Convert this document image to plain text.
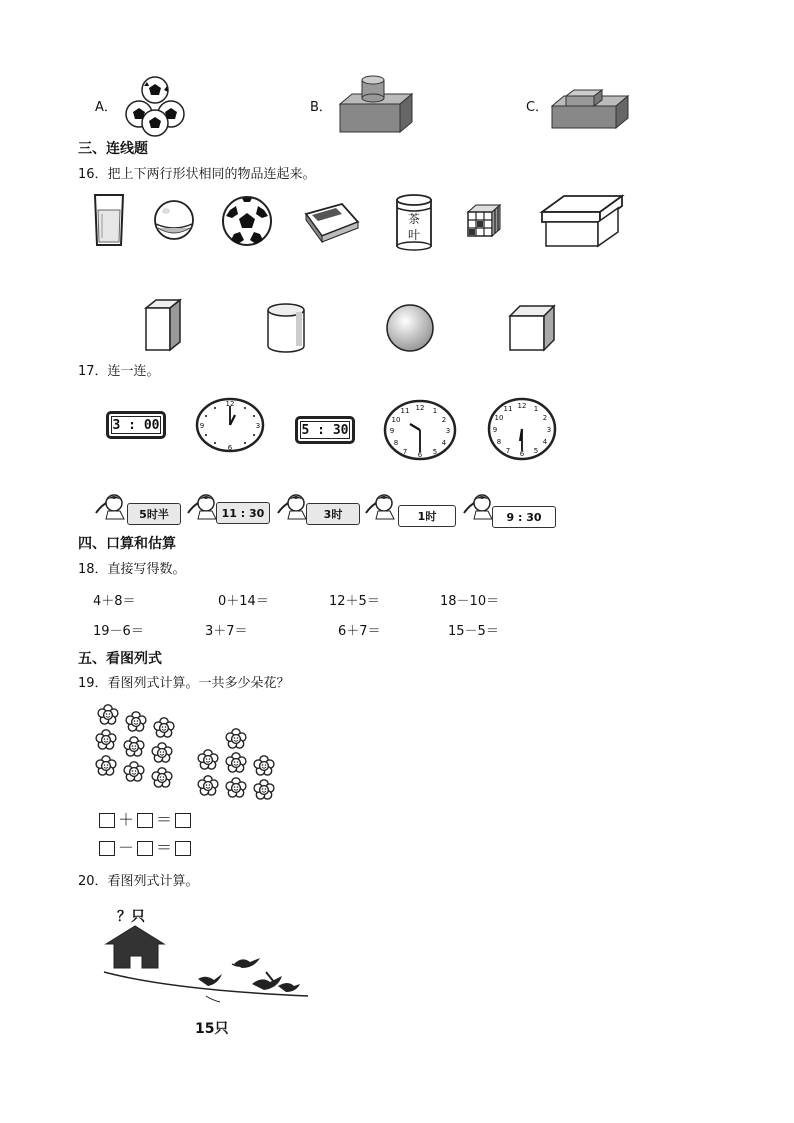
A．	B．	C．
三、连线题
16．把上下两行形状相同的物品连起来。
茶
叶
17．连一连。
3 : 00
12
6
9	3	5 : 30
12
6
9	3
1
2
4
5
7
8
10
11
12
6
9	3
1
2
4
5
7
8
10
11
5时半	11 : 30	3时	1时	9 : 30
四、口算和估算
18．直接写得数。
4＋8＝	0＋14＝	12＋5＝	18－10＝
19－6＝	3＋7＝	6＋7＝	15－5＝
五、看图列式
19．看图列式计算。一共多少朵花？
＋ ＝
－ ＝
20．看图列式计算。
？只
15只
